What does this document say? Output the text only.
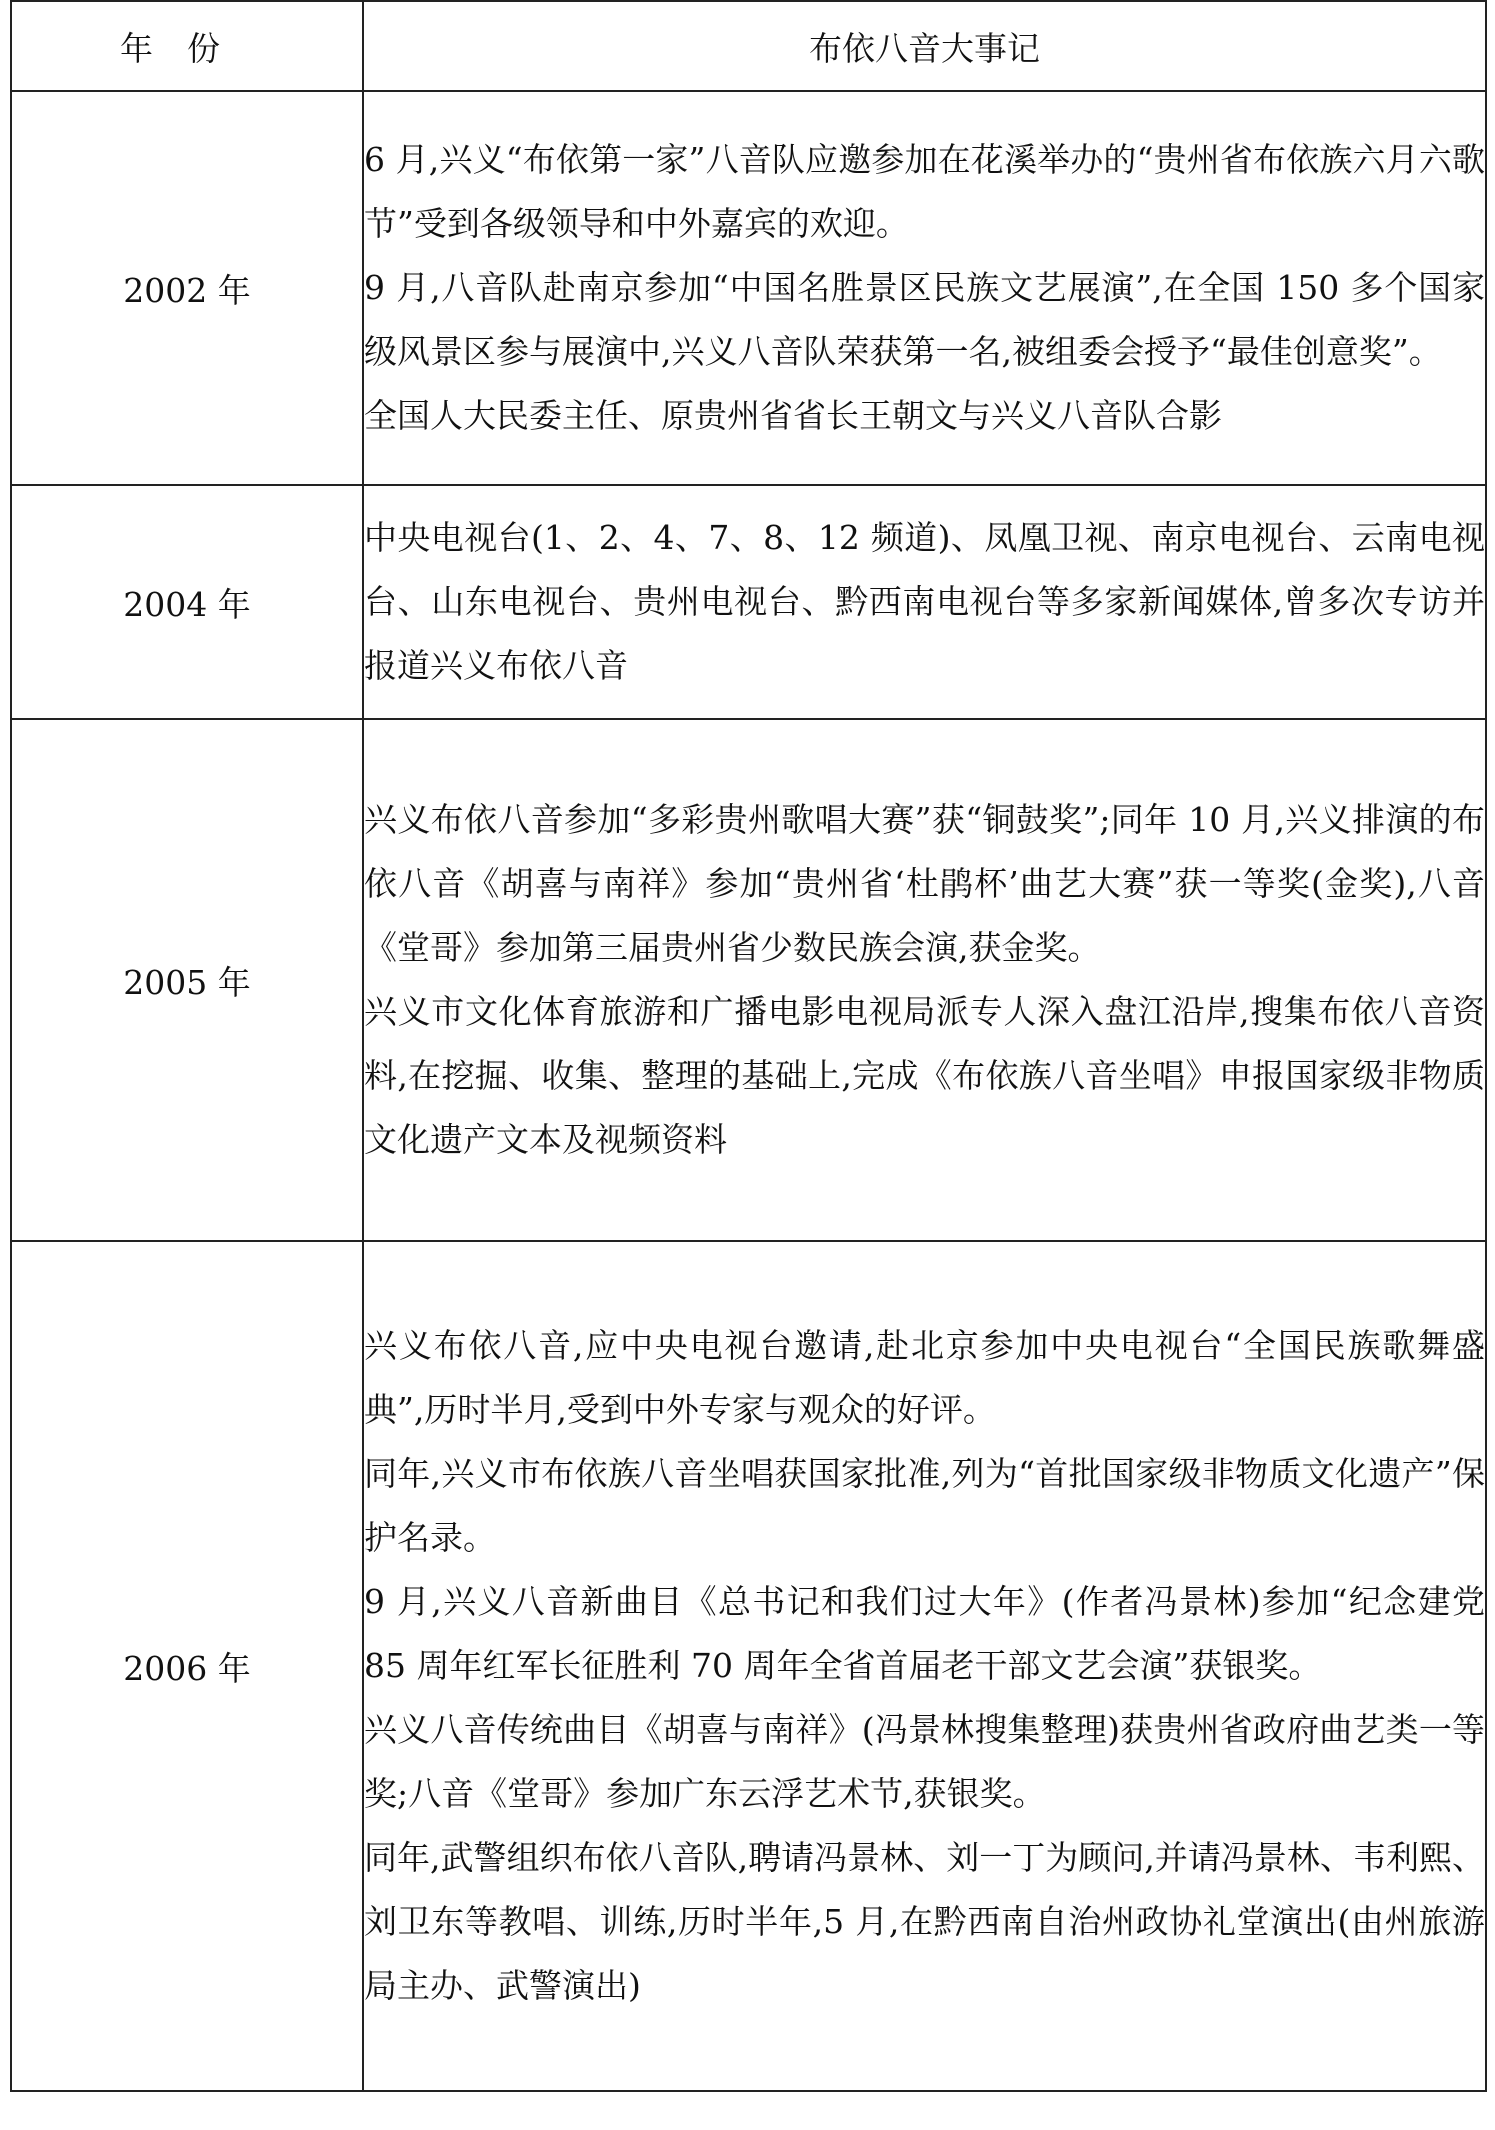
年份	布依八音大事记
2002 年	6 月,兴义“布依第一家”八音队应邀参加在花溪举办的“贵州省布依族六月六歌节”受到各级领导和中外嘉宾的欢迎。

9 月,八音队赴南京参加“中国名胜景区民族文艺展演”,在全国 150 多个国家级风景区参与展演中,兴义八音队荣获第一名,被组委会授予“最佳创意奖”。

全国人大民委主任、原贵州省省长王朝文与兴义八音队合影

2004 年	中央电视台(1、2、4、7、8、12 频道)、凤凰卫视、南京电视台、云南电视台、山东电视台、贵州电视台、黔西南电视台等多家新闻媒体,曾多次专访并报道兴义布依八音

2005 年	兴义布依八音参加“多彩贵州歌唱大赛”获“铜鼓奖”;同年 10 月,兴义排演的布依八音《胡喜与南祥》参加“贵州省‘杜鹃杯’曲艺大赛”获一等奖(金奖),八音《堂哥》参加第三届贵州省少数民族会演,获金奖。

兴义市文化体育旅游和广播电影电视局派专人深入盘江沿岸,搜集布依八音资料,在挖掘、收集、整理的基础上,完成《布依族八音坐唱》申报国家级非物质文化遗产文本及视频资料

2006 年	兴义布依八音,应中央电视台邀请,赴北京参加中央电视台“全国民族歌舞盛典”,历时半月,受到中外专家与观众的好评。

同年,兴义市布依族八音坐唱获国家批准,列为“首批国家级非物质文化遗产”保护名录。

9 月,兴义八音新曲目《总书记和我们过大年》(作者冯景林)参加“纪念建党 85 周年红军长征胜利 70 周年全省首届老干部文艺会演”获银奖。

兴义八音传统曲目《胡喜与南祥》(冯景林搜集整理)获贵州省政府曲艺类一等奖;八音《堂哥》参加广东云浮艺术节,获银奖。

同年,武警组织布依八音队,聘请冯景林、刘一丁为顾问,并请冯景林、韦利熙、刘卫东等教唱、训练,历时半年,5 月,在黔西南自治州政协礼堂演出(由州旅游局主办、武警演出)
